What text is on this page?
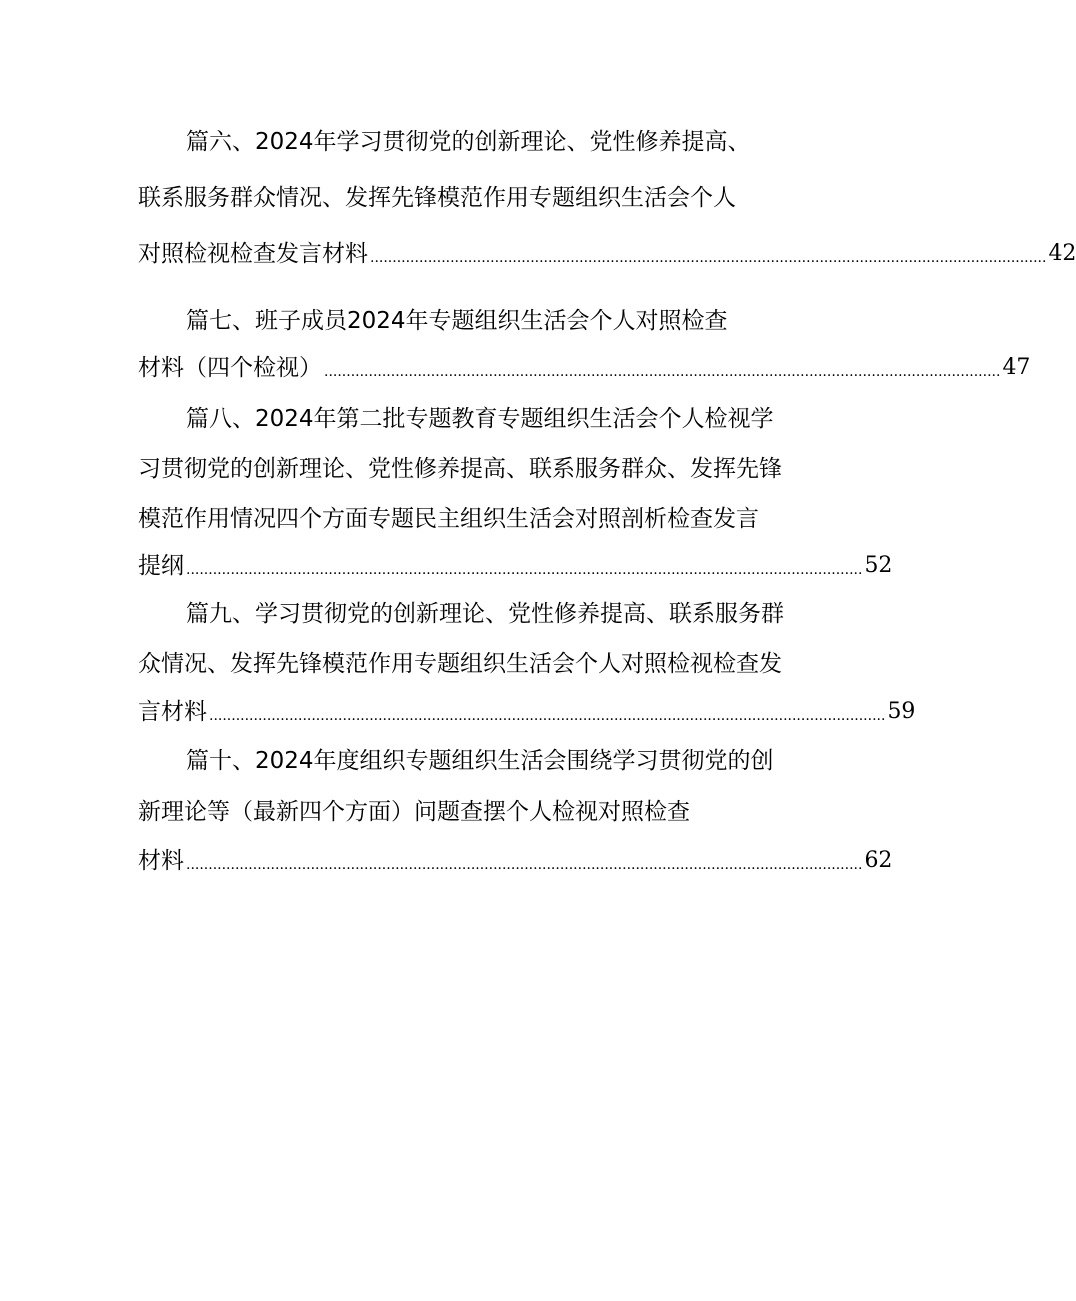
篇六、2024年学习贯彻党的创新理论、党性修养提高、
联系服务群众情况、发挥先锋模范作用专题组织生活会个人
对照检视检查发言材料 ........................................................................................................................................................ 42
篇七、班子成员2024年专题组织生活会个人对照检查
材料（四个检视） ........................................................................................................................................................ 47
篇八、2024年第二批专题教育专题组织生活会个人检视学
习贯彻党的创新理论、党性修养提高、联系服务群众、发挥先锋
模范作用情况四个方面专题民主组织生活会对照剖析检查发言
提纲 ........................................................................................................................................................ 52
篇九、学习贯彻党的创新理论、党性修养提高、联系服务群
众情况、发挥先锋模范作用专题组织生活会个人对照检视检查发
言材料 ........................................................................................................................................................ 59
篇十、2024年度组织专题组织生活会围绕学习贯彻党的创
新理论等（最新四个方面）问题查摆个人检视对照检查
材料 ........................................................................................................................................................ 62
